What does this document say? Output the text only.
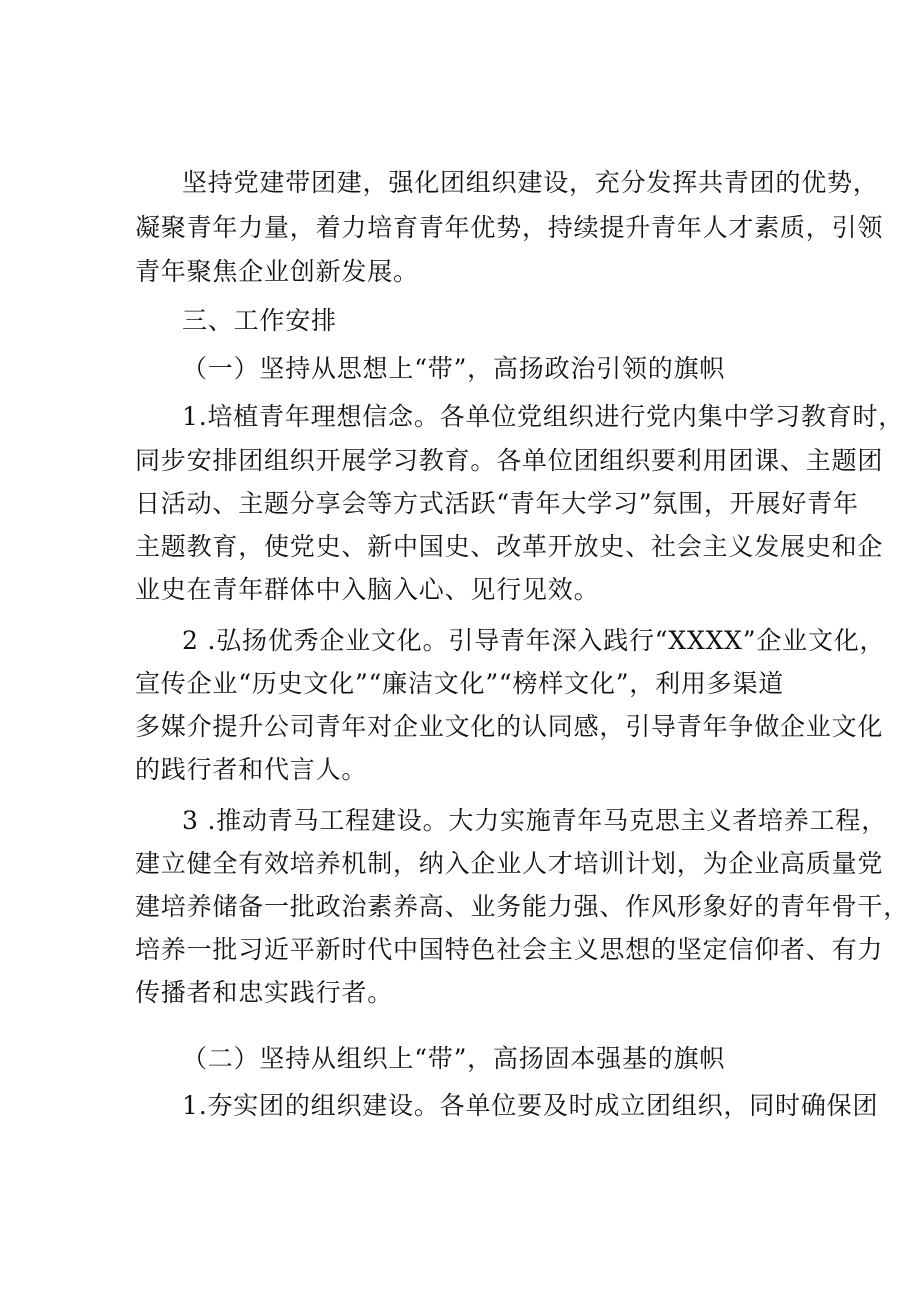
坚持党建带团建，强化团组织建设，充分发挥共青团的优势，
凝聚青年力量，着力培育青年优势，持续提升青年人才素质，引领
青年聚焦企业创新发展。
三、工作安排
（一）坚持从思想上“带”，高扬政治引领的旗帜
1.培植青年理想信念。各单位党组织进行党内集中学习教育时，
同步安排团组织开展学习教育。各单位团组织要利用团课、主题团
日活动、主题分享会等方式活跃“青年大学习”氛围，开展好青年
主题教育，使党史、新中国史、改革开放史、社会主义发展史和企
业史在青年群体中入脑入心、见行见效。
2 .弘扬优秀企业文化。引导青年深入践行“XXXX”企业文化，
宣传企业“历史文化”“廉洁文化”“榜样文化”，利用多渠道
多媒介提升公司青年对企业文化的认同感，引导青年争做企业文化
的践行者和代言人。
3 .推动青马工程建设。大力实施青年马克思主义者培养工程，
建立健全有效培养机制，纳入企业人才培训计划，为企业高质量党
建培养储备一批政治素养高、业务能力强、作风形象好的青年骨干，
培养一批习近平新时代中国特色社会主义思想的坚定信仰者、有力
传播者和忠实践行者。
（二）坚持从组织上“带”，高扬固本强基的旗帜
1.夯实团的组织建设。各单位要及时成立团组织，同时确保团
